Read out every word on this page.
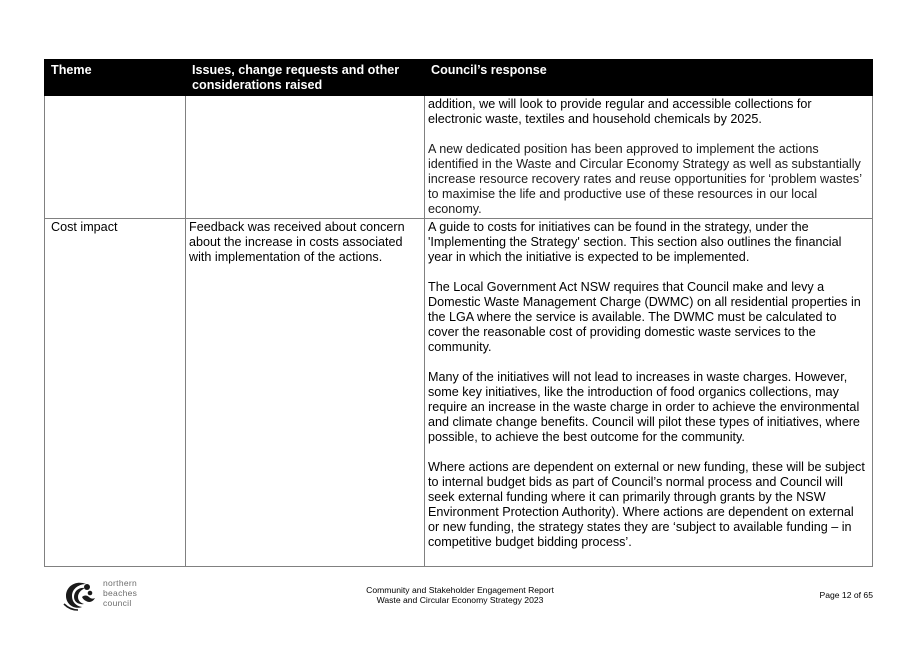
Theme	Issues, change requests and other considerations raised	Council’s response

		addition, we will look to provide regular and accessible collections for electronic waste, textiles and household chemicals by 2025.

A new dedicated position has been approved to implement the actions identified in the Waste and Circular Economy Strategy as well as substantially increase resource recovery rates and reuse opportunities for ‘problem wastes’ to maximise the life and productive use of these resources in our local economy.

Cost impact	Feedback was received about concern about the increase in costs associated with implementation of the actions.	A guide to costs for initiatives can be found in the strategy, under the 'Implementing the Strategy' section. This section also outlines the financial year in which the initiative is expected to be implemented.

The Local Government Act NSW requires that Council make and levy a Domestic Waste Management Charge (DWMC) on all residential properties in the LGA where the service is available. The DWMC must be calculated to cover the reasonable cost of providing domestic waste services to the community.

Many of the initiatives will not lead to increases in waste charges. However, some key initiatives, like the introduction of food organics collections, may require an increase in the waste charge in order to achieve the environmental and climate change benefits. Council will pilot these types of initiatives, where possible, to achieve the best outcome for the community.

Where actions are dependent on external or new funding, these will be subject to internal budget bids as part of Council’s normal process and Council will seek external funding where it can primarily through grants by the NSW Environment Protection Authority). Where actions are dependent on external or new funding, the strategy states they are ‘subject to available funding – in competitive budget bidding process’.

northern
beaches
council
Community and Stakeholder Engagement Report
Waste and Circular Economy Strategy 2023	Page 12 of 65
